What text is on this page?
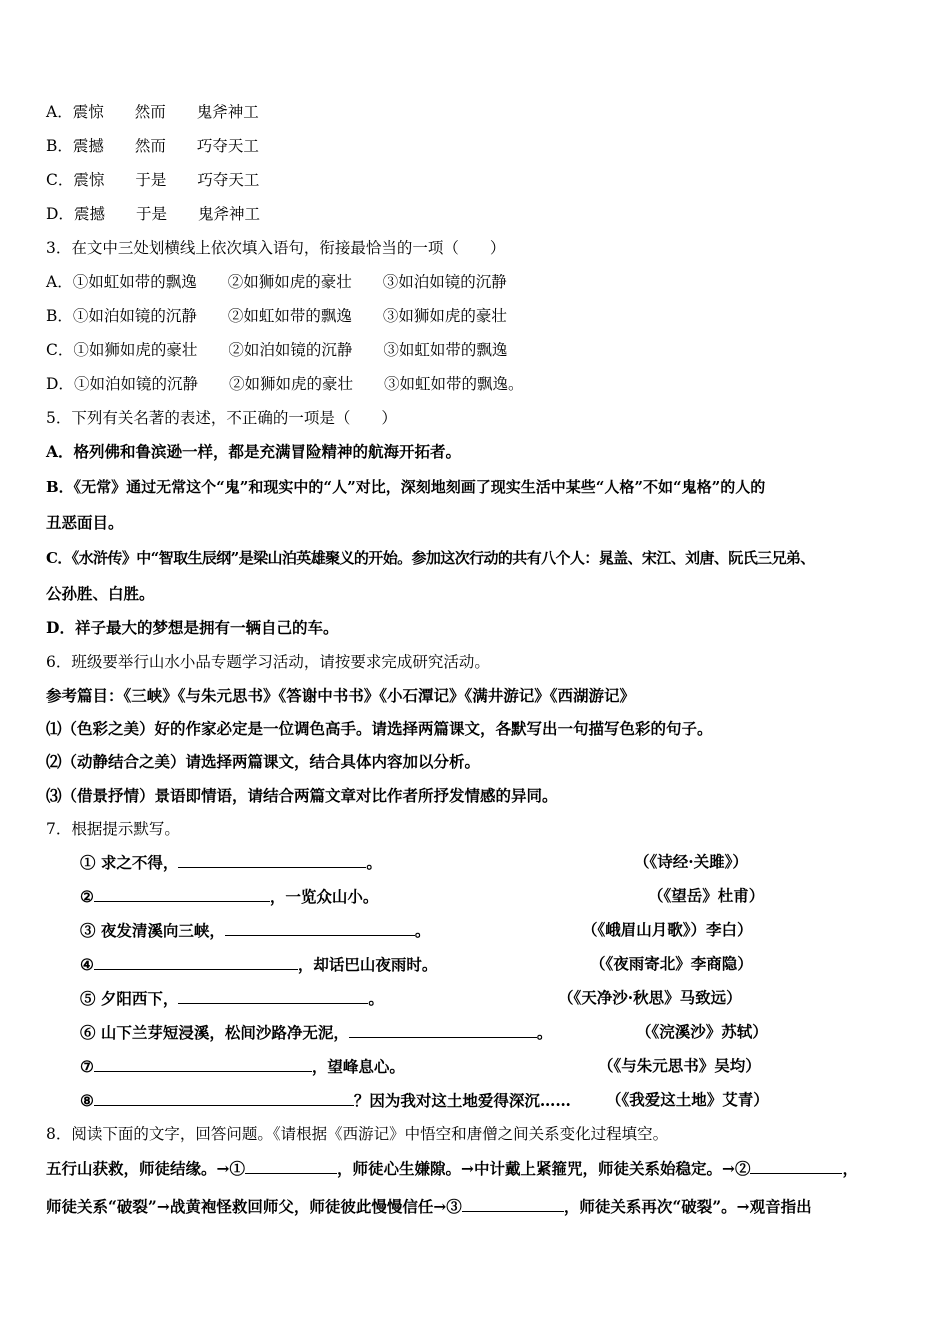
A．震惊　　然而　　鬼斧神工
B．震撼　　然而　　巧夺天工
C．震惊　　于是　　巧夺天工
D．震撼　　于是　　鬼斧神工
3．在文中三处划横线上依次填入语句，衔接最恰当的一项（　　）
A．①如虹如带的飘逸　　②如狮如虎的豪壮　　③如泊如镜的沉静
B．①如泊如镜的沉静　　②如虹如带的飘逸　　③如狮如虎的豪壮
C．①如狮如虎的豪壮　　②如泊如镜的沉静　　③如虹如带的飘逸
D．①如泊如镜的沉静　　②如狮如虎的豪壮　　③如虹如带的飘逸。
5．下列有关名著的表述，不正确的一项是（　　）
A．格列佛和鲁滨逊一样，都是充满冒险精神的航海开拓者。
B．《无常》通过无常这个“鬼”和现实中的“人”对比，深刻地刻画了现实生活中某些“人格”不如“鬼格”的人的
丑恶面目。
C．《水浒传》中“智取生辰纲”是梁山泊英雄聚义的开始。参加这次行动的共有八个人：晁盖、宋江、刘唐、阮氏三兄弟、
公孙胜、白胜。
D．祥子最大的梦想是拥有一辆自己的车。
6．班级要举行山水小品专题学习活动，请按要求完成研究活动。
参考篇目：《三峡》《与朱元思书》《答谢中书书》《小石潭记》《满井游记》《西湖游记》
⑴（色彩之美）好的作家必定是一位调色高手。请选择两篇课文，各默写出一句描写色彩的句子。
⑵（动静结合之美）请选择两篇课文，结合具体内容加以分析。
⑶（借景抒情）景语即情语，请结合两篇文章对比作者所抒发情感的异同。
7．根据提示默写。
① 求之不得，	。	（《诗经·关雎》）
②	，一览众山小。	（《望岳》杜甫）
③ 夜发清溪向三峡，	。	（《峨眉山月歌》）李白）
④	，却话巴山夜雨时。	（《夜雨寄北》李商隐）
⑤ 夕阳西下，	。	（《天净沙·秋思》马致远）
⑥ 山下兰芽短浸溪，松间沙路净无泥，	。	（《浣溪沙》苏轼）
⑦	，望峰息心。	（《与朱元思书》吴均）
⑧	？因为我对这土地爱得深沉…… （《我爱这土地》艾青）
8．阅读下面的文字，回答问题。《请根据《西游记》中悟空和唐僧之间关系变化过程填空。
五行山获救，师徒结缘。→①	，师徒心生嫌隙。→中计戴上紧箍咒，师徒关系始稳定。→②	，
师徒关系“破裂”→战黄袍怪救回师父，师徒彼此慢慢信任→③	，师徒关系再次“破裂”。→观音指出
